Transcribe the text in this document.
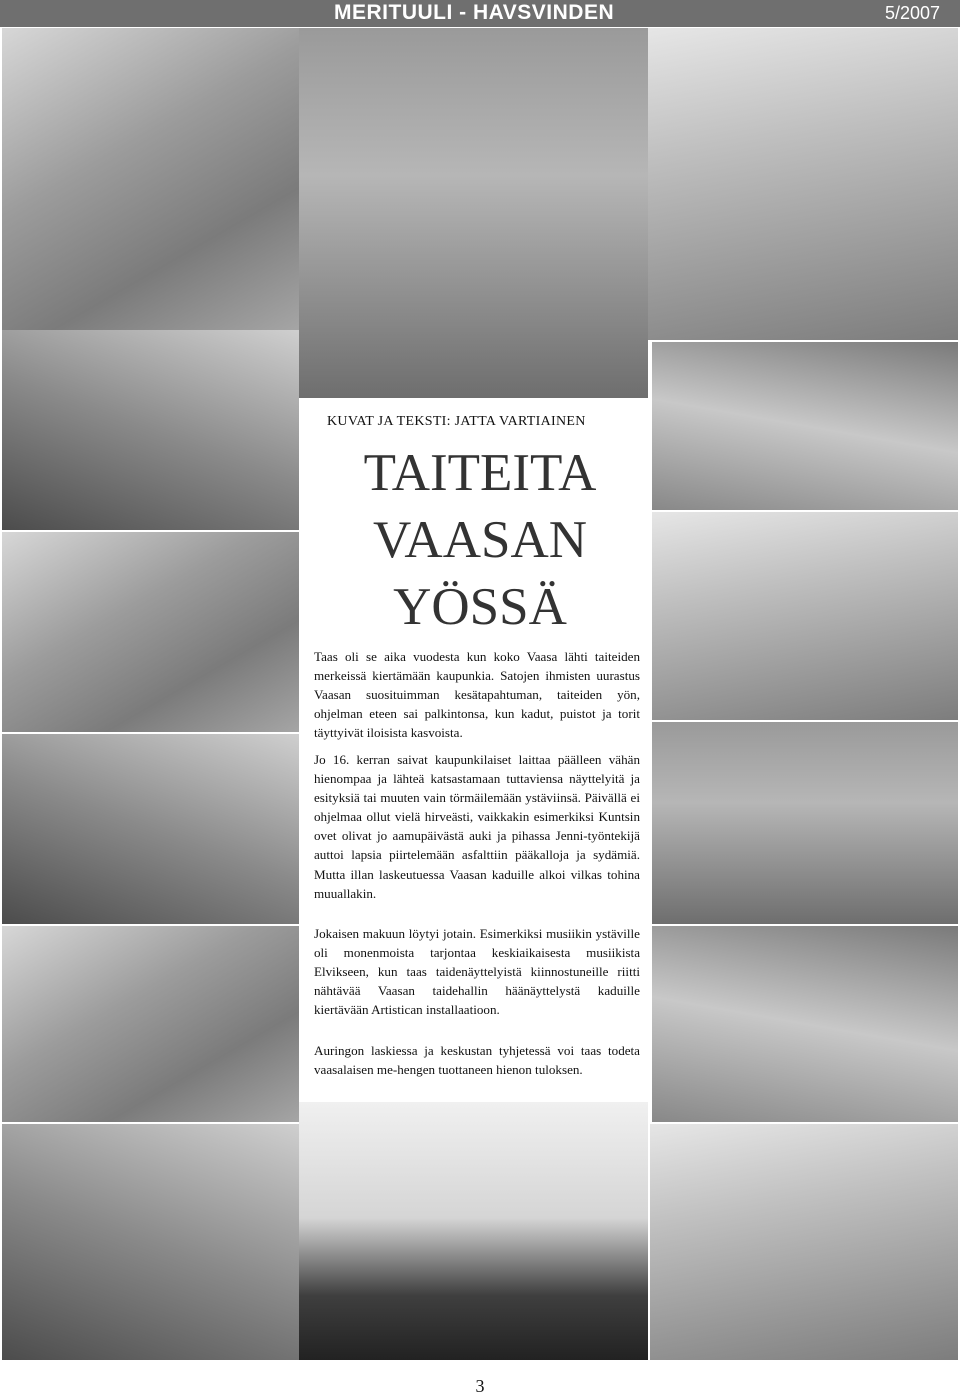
MERITUULI - HAVSVINDEN	5/2007
KUVAT JA TEKSTI: JATTA VARTIAINEN
TAITEITA
VAASAN
YÖSSÄ

Taas oli se aika vuodesta kun koko Vaasa lähti taiteiden merkeissä kiertämään kaupunkia. Satojen ihmisten uurastus Vaasan suosituimman kesätapahtuman, taiteiden yön, ohjelman eteen sai palkintonsa, kun kadut, puistot ja torit täyttyivät iloisista kasvoista.

Jo 16. kerran saivat kaupunkilaiset laittaa päälleen vähän hienompaa ja lähteä katsastamaan tuttaviensa näyttelyitä ja esityksiä tai muuten vain törmäilemään ystäviinsä. Päivällä ei ohjelmaa ollut vielä hirveästi, vaikkakin esimerkiksi Kuntsin ovet olivat jo aamupäivästä auki ja pihassa Jenni-työntekijä auttoi lapsia piirtelemään asfalttiin pääkalloja ja sydämiä. Mutta illan laskeutuessa Vaasan kaduille alkoi vilkas tohina muuallakin.

Jokaisen makuun löytyi jotain. Esimerkiksi musiikin ystäville oli monenmoista tarjontaa keskiaikaisesta musiikista Elvikseen, kun taas taidenäyttelyistä kiinnostuneille riitti nähtävää Vaasan taidehallin häänäyttelystä kaduille kiertävään Artistican installaatioon.

Auringon laskiessa ja keskustan tyhjetessä voi taas todeta vaasalaisen me-hengen tuottaneen hienon tuloksen.

3
